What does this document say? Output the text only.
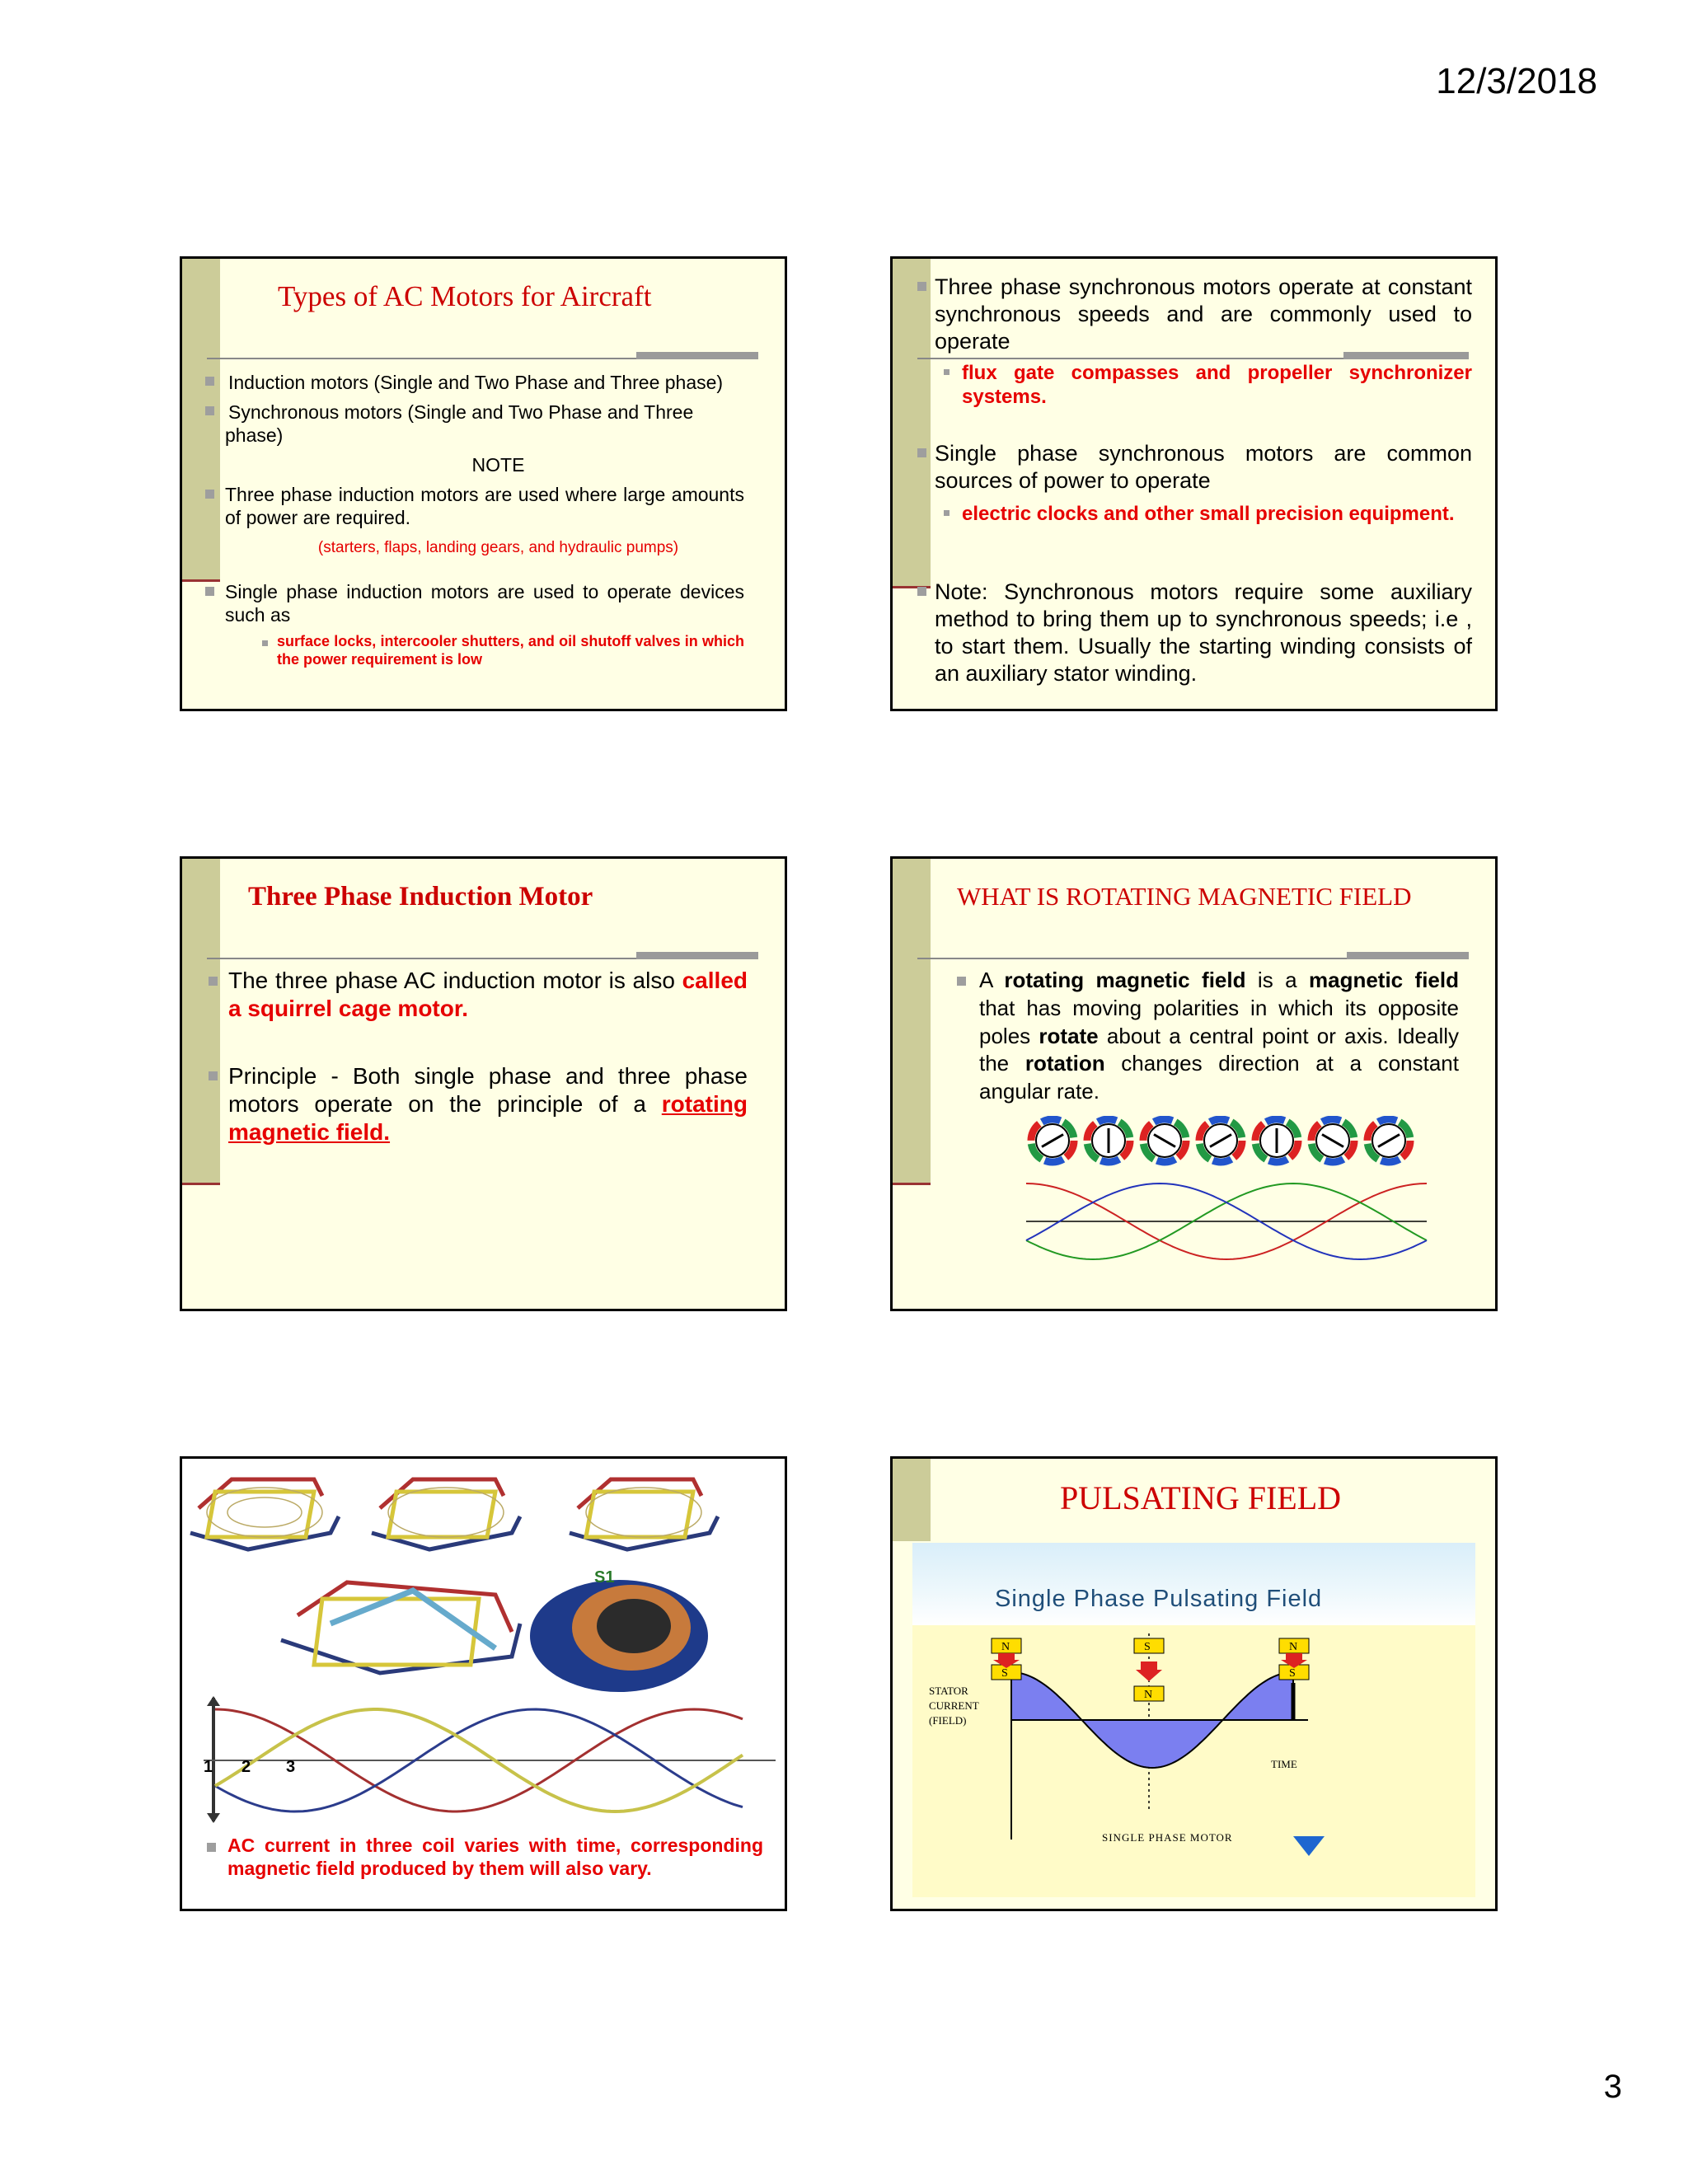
12/3/2018
Types of AC Motors for Aircraft
Induction motors (Single and Two Phase and Three phase)
Synchronous motors (Single and Two Phase and Three phase)
NOTE
Three phase induction motors are used where large amounts of power are required.
(starters, flaps, landing gears, and hydraulic pumps)
Single phase induction motors are used to operate devices such as
surface locks, intercooler shutters, and oil shutoff valves in which the power requirement is low
Three phase synchronous motors operate at constant synchronous speeds and are commonly used to operate
flux gate compasses and propeller synchronizer systems.
Single phase synchronous motors are common sources of power to operate
electric clocks and other small precision equipment.
Note: Synchronous motors require some auxiliary method to bring them up to synchronous speeds; i.e , to start them. Usually the starting winding consists of an auxiliary stator winding.
Three Phase Induction Motor
The three phase AC induction motor is also called a squirrel cage motor.
Principle - Both single phase and three phase motors operate on the principle of a rotating magnetic field.
WHAT IS ROTATING MAGNETIC FIELD
A rotating magnetic field is a magnetic field that has moving polarities in which its opposite poles rotate about a central point or axis. Ideally the rotation changes direction at a constant angular rate.
S1
1 2 3
AC current in three coil varies with time, corresponding magnetic field produced by them will also vary.
PULSATING FIELD
Single Phase Pulsating Field
N
S
S
N
N
S
STATOR
CURRENT
(FIELD)
TIME
SINGLE PHASE MOTOR
3
